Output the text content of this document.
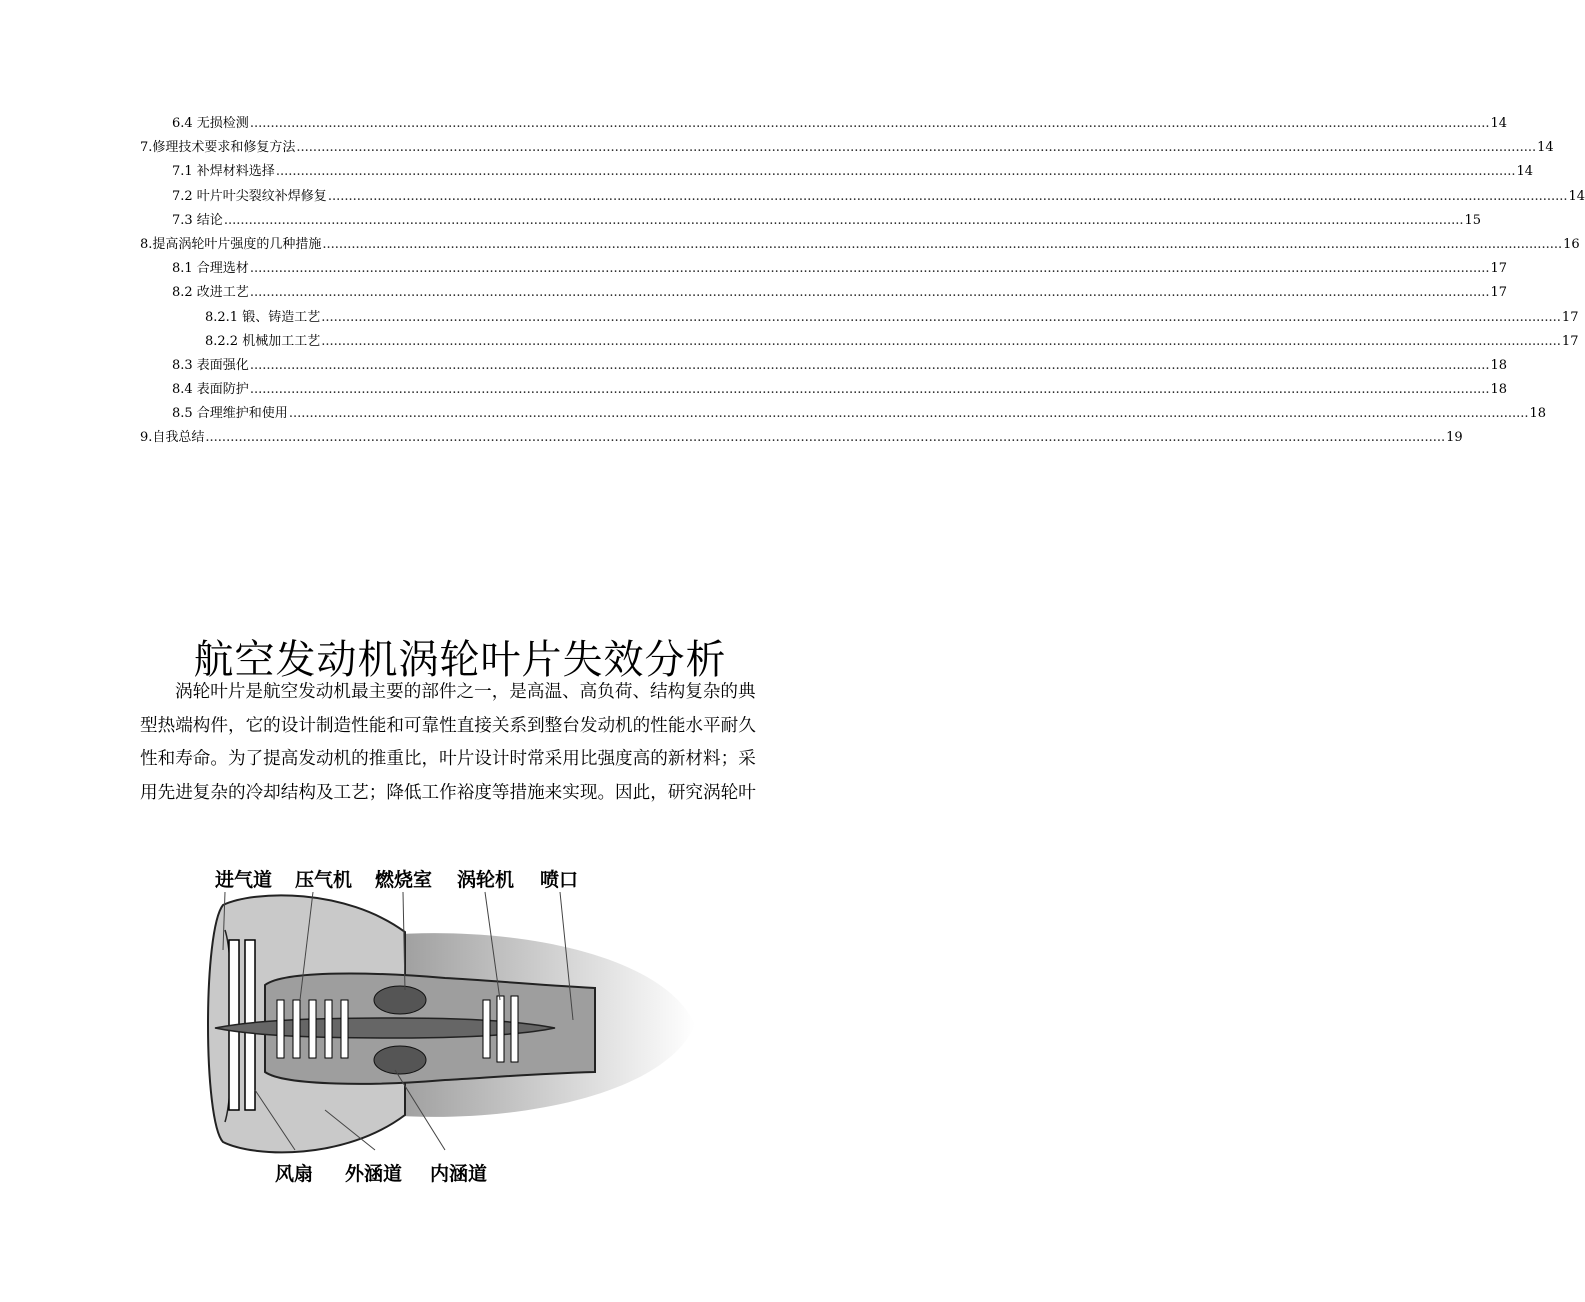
6.4 无损检测 ............................................................................................................................................................................................................................................................................................................ 14
7.修理技术要求和修复方法 ............................................................................................................................................................................................................................................................................................................ 14
7.1 补焊材料选择 ............................................................................................................................................................................................................................................................................................................ 14
7.2 叶片叶尖裂纹补焊修复 ............................................................................................................................................................................................................................................................................................................ 14
7.3 结论 ............................................................................................................................................................................................................................................................................................................ 15
8.提高涡轮叶片强度的几种措施 ............................................................................................................................................................................................................................................................................................................ 16
8.1 合理选材 ............................................................................................................................................................................................................................................................................................................ 17
8.2 改进工艺 ............................................................................................................................................................................................................................................................................................................ 17
8.2.1 锻、铸造工艺 ............................................................................................................................................................................................................................................................................................................ 17
8.2.2 机械加工工艺 ............................................................................................................................................................................................................................................................................................................ 17
8.3 表面强化 ............................................................................................................................................................................................................................................................................................................ 18
8.4 表面防护 ............................................................................................................................................................................................................................................................................................................ 18
8.5 合理维护和使用 ............................................................................................................................................................................................................................................................................................................ 18
9.自我总结 ............................................................................................................................................................................................................................................................................................................ 19
航空发动机涡轮叶片失效分析
涡轮叶片是航空发动机最主要的部件之一，是高温、高负荷、结构复杂的典
型热端构件，它的设计制造性能和可靠性直接关系到整台发动机的性能水平耐久
性和寿命。为了提高发动机的推重比，叶片设计时常采用比强度高的新材料；采
用先进复杂的冷却结构及工艺；降低工作裕度等措施来实现。因此，研究涡轮叶
进气道 压气机 燃烧室 涡轮机 喷口
风扇 外涵道 内涵道
